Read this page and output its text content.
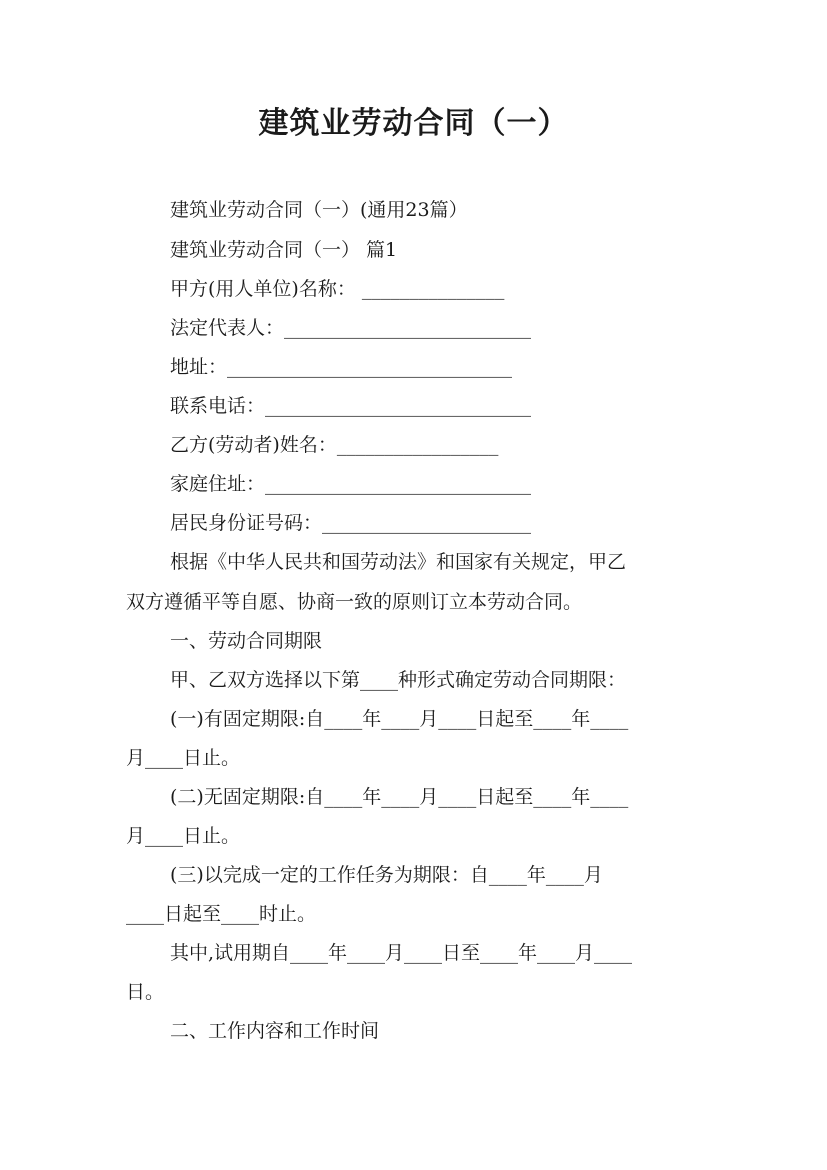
建筑业劳动合同（一）
建筑业劳动合同（一）(通用23篇）
建筑业劳动合同（一） 篇1
甲方(用人单位)名称： _______________
法定代表人：__________________________
地址：______________________________
联系电话：____________________________
乙方(劳动者)姓名：_________________
家庭住址：____________________________
居民身份证号码：______________________
根据《中华人民共和国劳动法》和国家有关规定，甲乙
双方遵循平等自愿、协商一致的原则订立本劳动合同。
一、劳动合同期限
甲、乙双方选择以下第____种形式确定劳动合同期限：
(一)有固定期限:自____年____月____日起至____年____
月____日止。
(二)无固定期限:自____年____月____日起至____年____
月____日止。
(三)以完成一定的工作任务为期限：自____年____月
____日起至____时止。
其中,试用期自____年____月____日至____年____月____
日。
二、工作内容和工作时间
